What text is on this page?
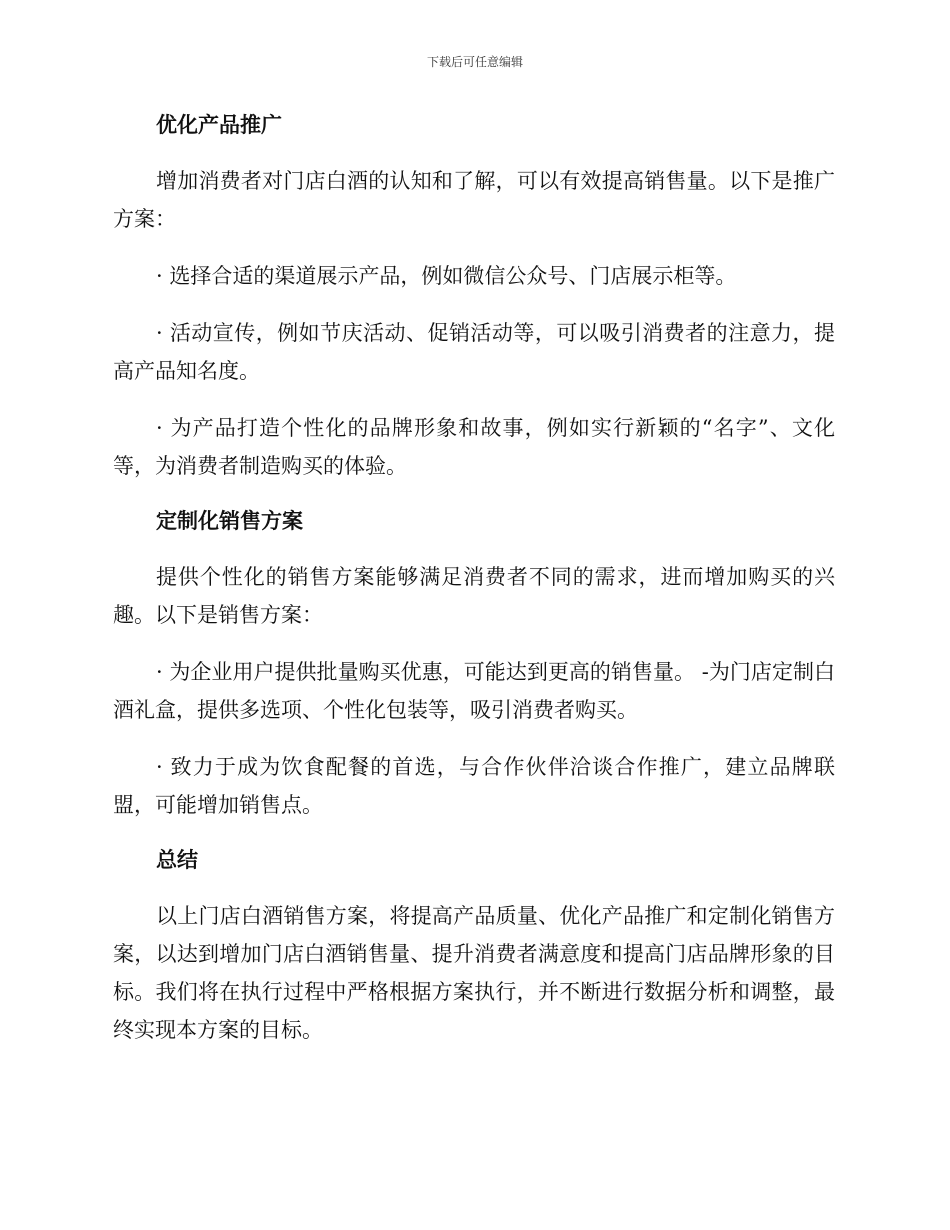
下载后可任意编辑
优化产品推广

增加消费者对门店白酒的认知和了解，可以有效提高销售量。以下是推广方案：

· 选择合适的渠道展示产品，例如微信公众号、门店展示柜等。

· 活动宣传，例如节庆活动、促销活动等，可以吸引消费者的注意力，提高产品知名度。

· 为产品打造个性化的品牌形象和故事，例如实行新颖的“名字”、文化等，为消费者制造购买的体验。

定制化销售方案

提供个性化的销售方案能够满足消费者不同的需求，进而增加购买的兴趣。以下是销售方案：

· 为企业用户提供批量购买优惠，可能达到更高的销售量。 -为门店定制白酒礼盒，提供多选项、个性化包装等，吸引消费者购买。

· 致力于成为饮食配餐的首选，与合作伙伴洽谈合作推广，建立品牌联盟，可能增加销售点。

总结

以上门店白酒销售方案，将提高产品质量、优化产品推广和定制化销售方案，以达到增加门店白酒销售量、提升消费者满意度和提高门店品牌形象的目标。我们将在执行过程中严格根据方案执行，并不断进行数据分析和调整，最终实现本方案的目标。
